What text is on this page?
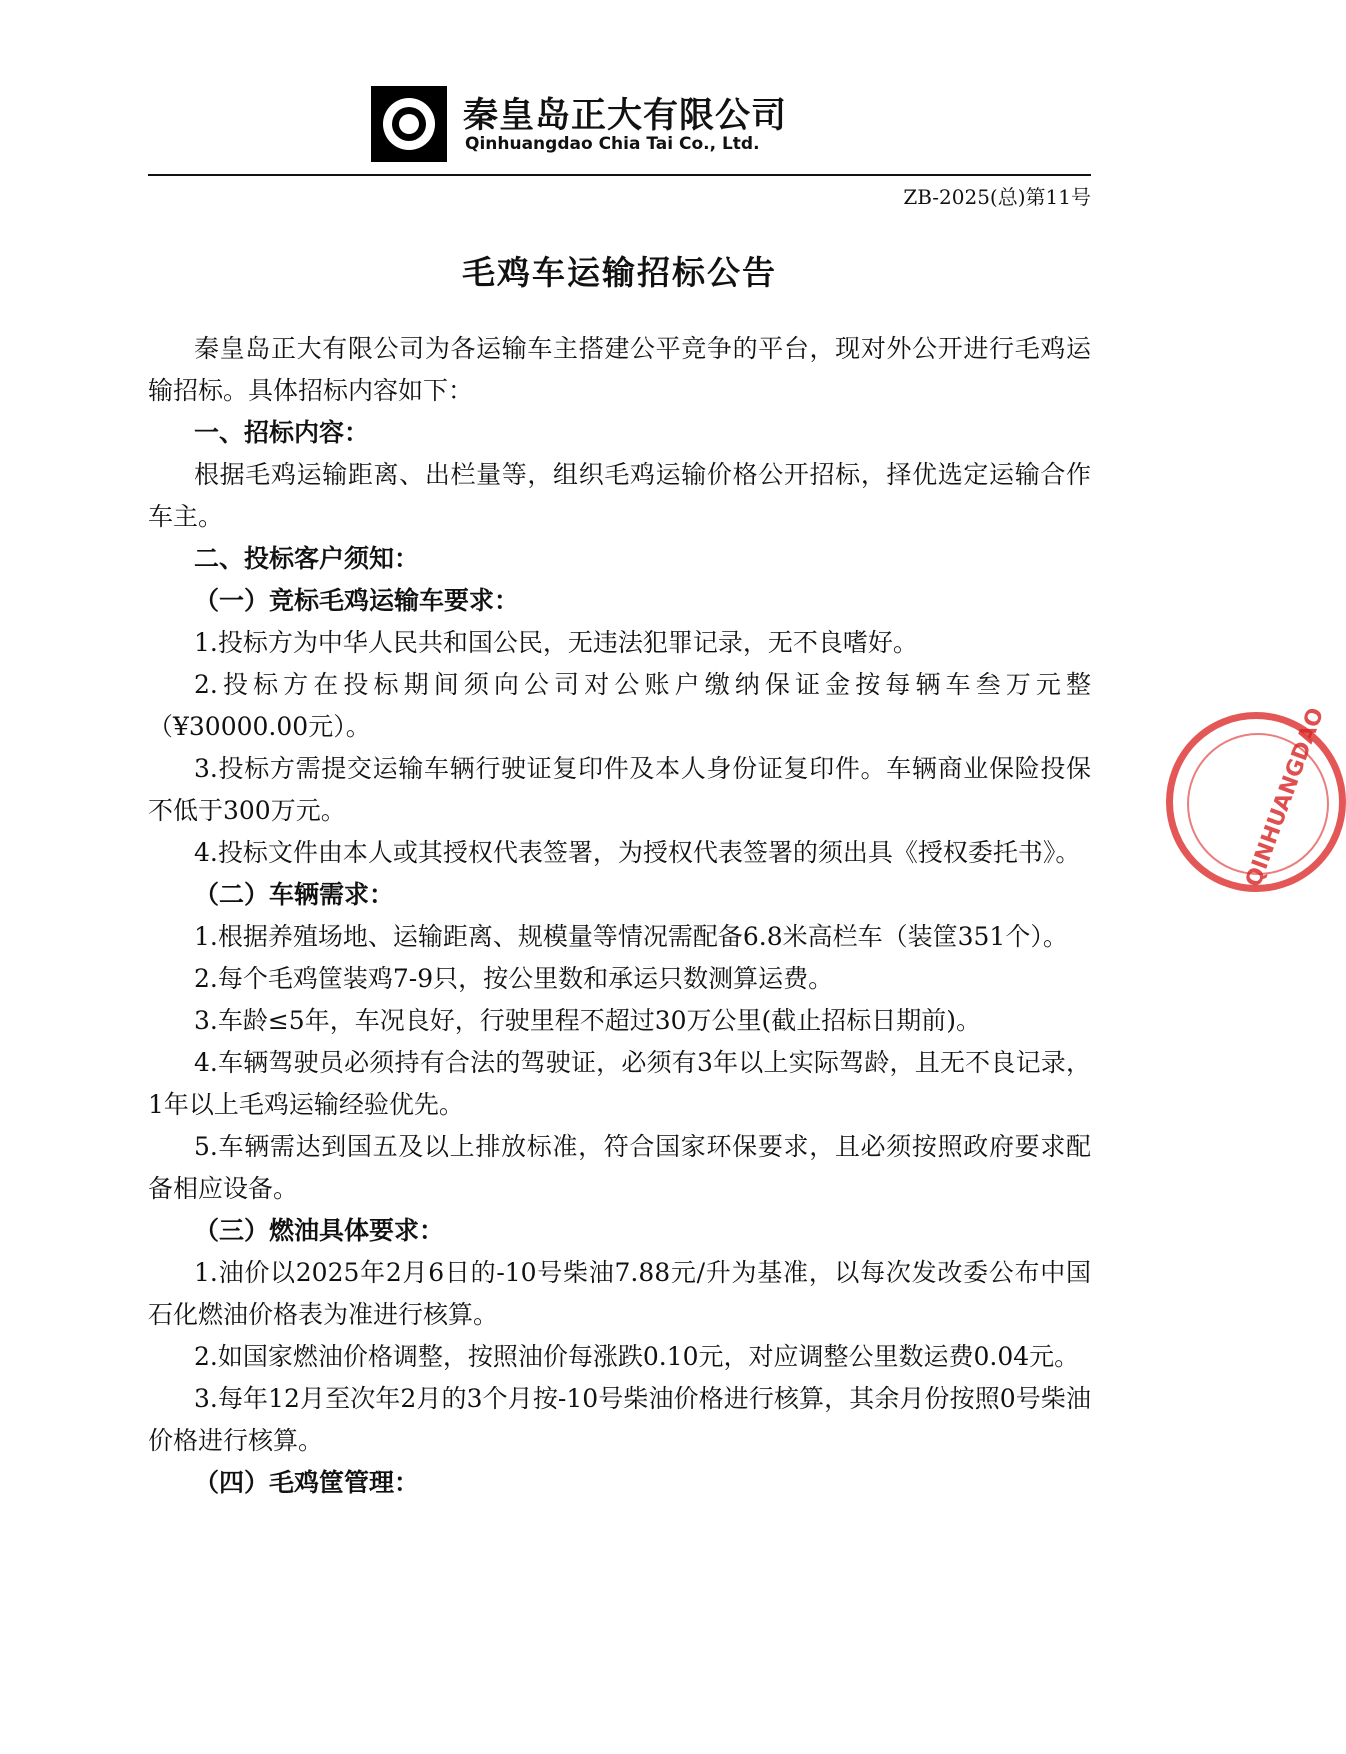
秦皇岛正大有限公司

Qinhuangdao Chia Tai Co., Ltd.

ZB-2025(总)第11号
毛鸡车运输招标公告

秦皇岛正大有限公司为各运输车主搭建公平竞争的平台，现对外公开进行毛鸡运输招标。具体招标内容如下：

一、招标内容：

根据毛鸡运输距离、出栏量等，组织毛鸡运输价格公开招标，择优选定运输合作车主。

二、投标客户须知：

（一）竞标毛鸡运输车要求：

1.投标方为中华人民共和国公民，无违法犯罪记录，无不良嗜好。

2.投标方在投标期间须向公司对公账户缴纳保证金按每辆车叁万元整（¥30000.00元）。

3.投标方需提交运输车辆行驶证复印件及本人身份证复印件。车辆商业保险投保不低于300万元。

4.投标文件由本人或其授权代表签署，为授权代表签署的须出具《授权委托书》。

（二）车辆需求：

1.根据养殖场地、运输距离、规模量等情况需配备6.8米高栏车（装筐351个）。

2.每个毛鸡筐装鸡7-9只，按公里数和承运只数测算运费。

3.车龄≤5年，车况良好，行驶里程不超过30万公里(截止招标日期前)。

4.车辆驾驶员必须持有合法的驾驶证，必须有3年以上实际驾龄，且无不良记录，1年以上毛鸡运输经验优先。

5.车辆需达到国五及以上排放标准，符合国家环保要求，且必须按照政府要求配备相应设备。

（三）燃油具体要求：

1.油价以2025年2月6日的-10号柴油7.88元/升为基准，以每次发改委公布中国石化燃油价格表为准进行核算。

2.如国家燃油价格调整，按照油价每涨跌0.10元，对应调整公里数运费0.04元。

3.每年12月至次年2月的3个月按-10号柴油价格进行核算，其余月份按照0号柴油价格进行核算。

（四）毛鸡筐管理：

QINHUANGDAO
